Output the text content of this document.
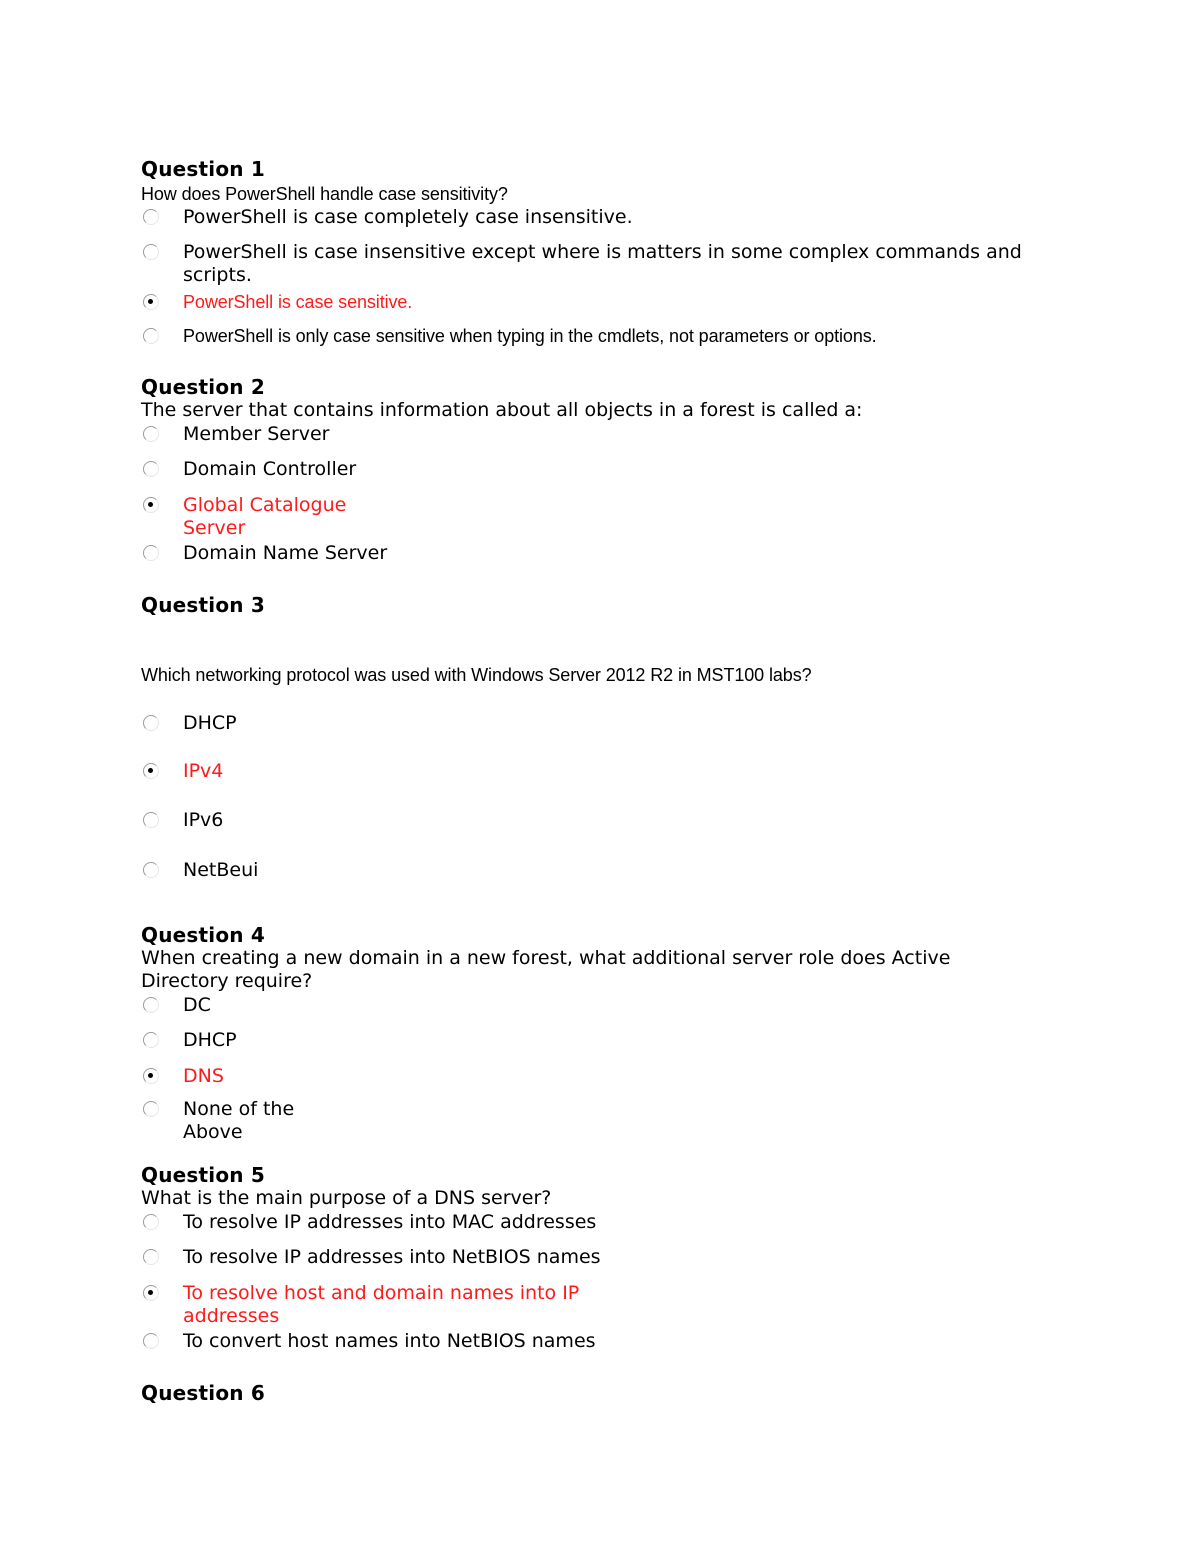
Question 1

How does PowerShell handle case sensitivity?

PowerShell is case completely case insensitive.
PowerShell is case insensitive except where is matters in some complex commands and scripts.
PowerShell is case sensitive.
PowerShell is only case sensitive when typing in the cmdlets, not parameters or options.
Question 2

The server that contains information about all objects in a forest is called a:

Member Server
Domain Controller
Global Catalogue Server
Domain Name Server
Question 3

Which networking protocol was used with Windows Server 2012 R2 in MST100 labs?

DHCP
IPv4
IPv6
NetBeui
Question 4

When creating a new domain in a new forest, what additional server role does Active Directory require?

DC
DHCP
DNS
None of the Above
Question 5

What is the main purpose of a DNS server?

To resolve IP addresses into MAC addresses
To resolve IP addresses into NetBIOS names
To resolve host and domain names into IP addresses
To convert host names into NetBIOS names
Question 6
